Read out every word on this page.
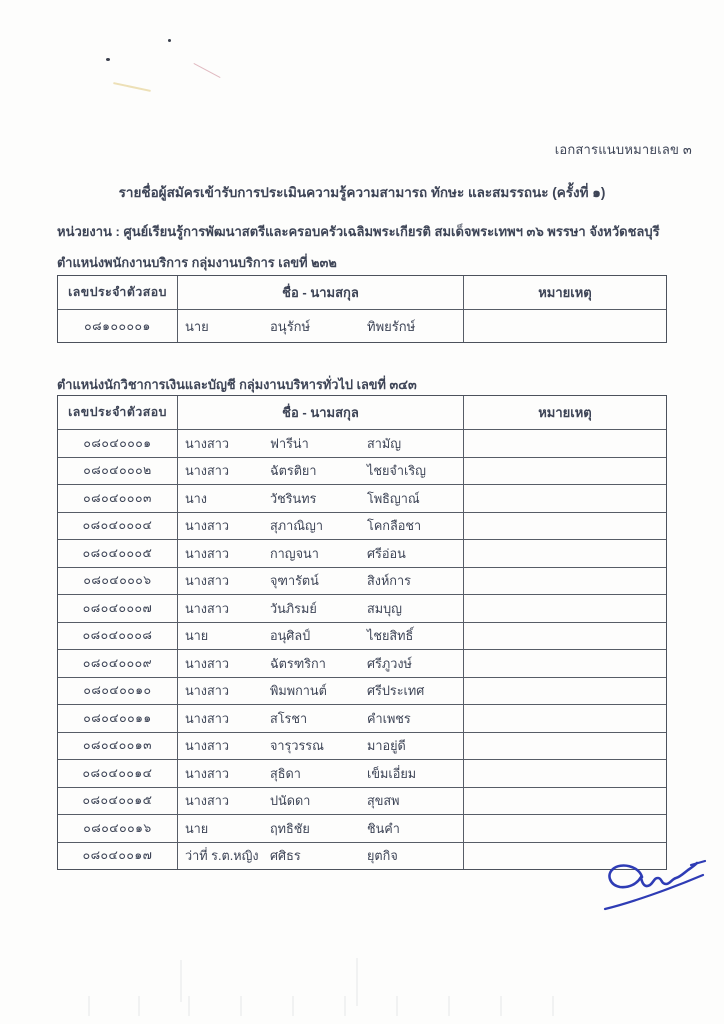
เอกสารแนบหมายเลข ๓
รายชื่อผู้สมัครเข้ารับการประเมินความรู้ความสามารถ ทักษะ และสมรรถนะ (ครั้งที่ ๑)
หน่วยงาน : ศูนย์เรียนรู้การพัฒนาสตรีและครอบครัวเฉลิมพระเกียรติ สมเด็จพระเทพฯ ๓๖ พรรษา จังหวัดชลบุรี
ตำแหน่งพนักงานบริการ กลุ่มงานบริการ เลขที่ ๒๓๒
เลขประจำตัวสอบ	ชื่อ - นามสกุล	หมายเหตุ
๐๘๑๐๐๐๐๑	นาย	อนุรักษ์	ทิพยรักษ์
ตำแหน่งนักวิชาการเงินและบัญชี กลุ่มงานบริหารทั่วไป เลขที่ ๓๔๓
เลขประจำตัวสอบ	ชื่อ - นามสกุล	หมายเหตุ
๐๘๐๔๐๐๐๑	นางสาว	ฟารีน่า	สามัญ
๐๘๐๔๐๐๐๒	นางสาว	ฉัตรติยา	ไชยจำเริญ
๐๘๐๔๐๐๐๓	นาง	วัชรินทร	โพธิญาณ์
๐๘๐๔๐๐๐๔	นางสาว	สุภาณิญา	โคกลือชา
๐๘๐๔๐๐๐๕	นางสาว	กาญจนา	ศรีอ่อน
๐๘๐๔๐๐๐๖	นางสาว	จุฑารัตน์	สิงห์การ
๐๘๐๔๐๐๐๗	นางสาว	วันภิรมย์	สมบุญ
๐๘๐๔๐๐๐๘	นาย	อนุศิลป์	ไชยสิทธิ์
๐๘๐๔๐๐๐๙	นางสาว	ฉัตรฑริกา	ศรีภูวงษ์
๐๘๐๔๐๐๑๐	นางสาว	พิมพกานต์	ศรีประเทศ
๐๘๐๔๐๐๑๑	นางสาว	สโรชา	คำเพชร
๐๘๐๔๐๐๑๓	นางสาว	จารุวรรณ	มาอยู่ดี
๐๘๐๔๐๐๑๔	นางสาว	สุธิดา	เข็มเอี่ยม
๐๘๐๔๐๐๑๕	นางสาว	ปนัดดา	สุขสพ
๐๘๐๔๐๐๑๖	นาย	ฤทธิชัย	ชินคำ
๐๘๐๔๐๐๑๗	ว่าที่ ร.ต.หญิง ศศิธร	ยุตกิจ
